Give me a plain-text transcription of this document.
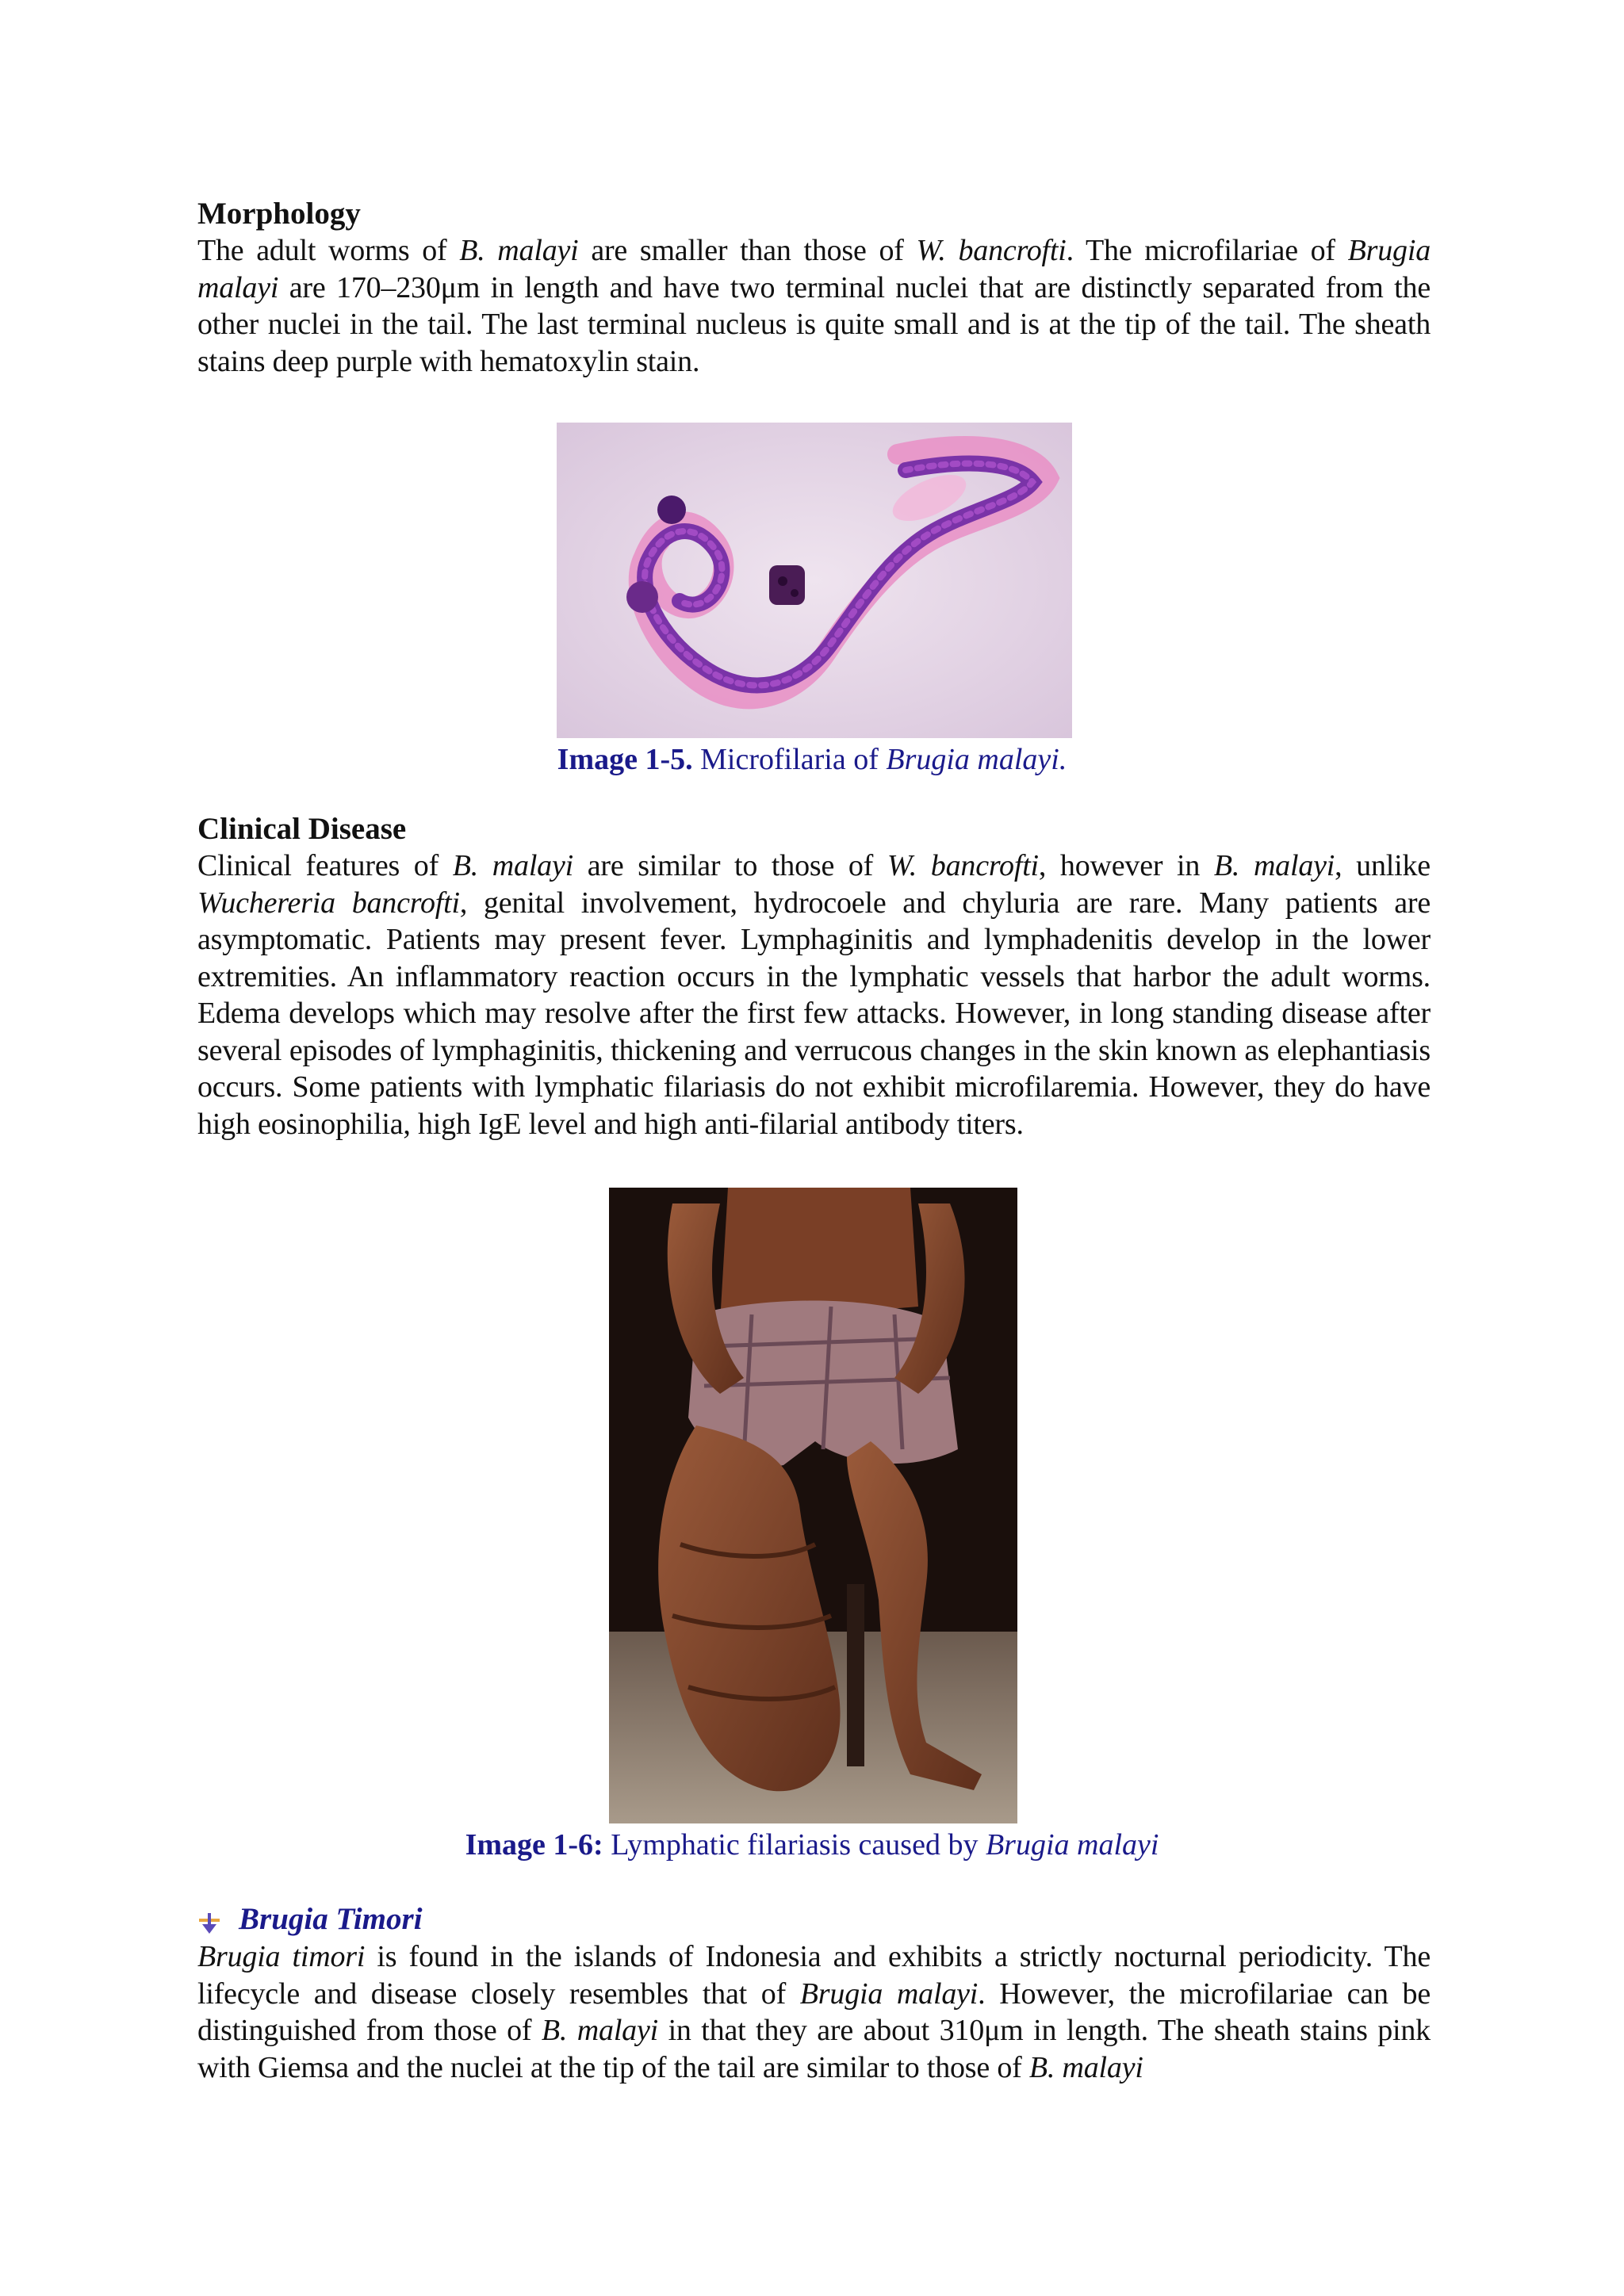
Morphology

The adult worms of B. malayi are smaller than those of W. bancrofti. The microfilariae of Brugia malayi are 170–230μm in length and have two terminal nuclei that are distinctly separated from the other nuclei in the tail. The last terminal nucleus is quite small and is at the tip of the tail. The sheath stains deep purple with hematoxylin stain.

Image 1-5. Microfilaria of Brugia malayi.

Clinical Disease

Clinical features of B. malayi are similar to those of W. bancrofti, however in B. malayi, unlike Wuchereria bancrofti, genital involvement, hydrocoele and chyluria are rare. Many patients are asymptomatic. Patients may present fever. Lymphaginitis and lymphadenitis develop in the lower extremities. An inflammatory reaction occurs in the lymphatic vessels that harbor the adult worms. Edema develops which may resolve after the first few attacks. However, in long standing disease after several episodes of lymphaginitis, thickening and verrucous changes in the skin known as elephantiasis occurs. Some patients with lymphatic filariasis do not exhibit microfilaremia. However, they do have high eosinophilia, high IgE level and high anti-filarial antibody titers.

Image 1-6: Lymphatic filariasis caused by Brugia malayi
Brugia Timori

Brugia timori is found in the islands of Indonesia and exhibits a strictly nocturnal periodicity. The lifecycle and disease closely resembles that of Brugia malayi. However, the microfilariae can be distinguished from those of B. malayi in that they are about 310μm in length. The sheath stains pink with Giemsa and the nuclei at the tip of the tail are similar to those of B. malayi
